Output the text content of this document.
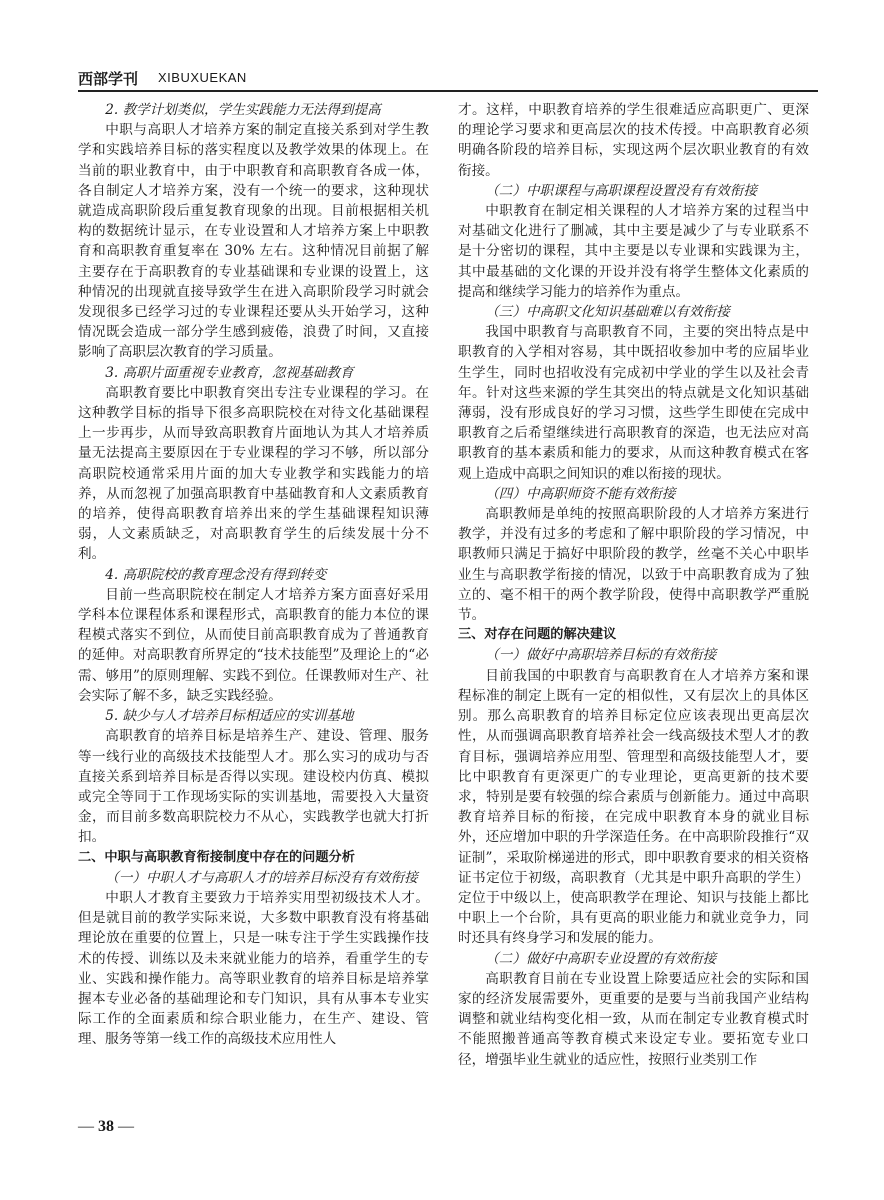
西部学刊 XIBUXUEKAN

2. 教学计划类似，学生实践能力无法得到提高

中职与高职人才培养方案的制定直接关系到对学生教学和实践培养目标的落实程度以及教学效果的体现上。在当前的职业教育中，由于中职教育和高职教育各成一体，各自制定人才培养方案，没有一个统一的要求，这种现状就造成高职阶段后重复教育现象的出现。目前根据相关机构的数据统计显示，在专业设置和人才培养方案上中职教育和高职教育重复率在 30% 左右。这种情况目前据了解主要存在于高职教育的专业基础课和专业课的设置上，这种情况的出现就直接导致学生在进入高职阶段学习时就会发现很多已经学习过的专业课程还要从头开始学习，这种情况既会造成一部分学生感到疲倦，浪费了时间，又直接影响了高职层次教育的学习质量。

3. 高职片面重视专业教育，忽视基础教育

高职教育要比中职教育突出专注专业课程的学习。在这种教学目标的指导下很多高职院校在对待文化基础课程上一步再步，从而导致高职教育片面地认为其人才培养质量无法提高主要原因在于专业课程的学习不够，所以部分高职院校通常采用片面的加大专业教学和实践能力的培养，从而忽视了加强高职教育中基础教育和人文素质教育的培养，使得高职教育培养出来的学生基础课程知识薄弱，人文素质缺乏，对高职教育学生的后续发展十分不利。

4. 高职院校的教育理念没有得到转变

目前一些高职院校在制定人才培养方案方面喜好采用学科本位课程体系和课程形式，高职教育的能力本位的课程模式落实不到位，从而使目前高职教育成为了普通教育的延伸。对高职教育所界定的“技术技能型”及理论上的“必需、够用”的原则理解、实践不到位。任课教师对生产、社会实际了解不多，缺乏实践经验。

5. 缺少与人才培养目标相适应的实训基地

高职教育的培养目标是培养生产、建设、管理、服务等一线行业的高级技术技能型人才。那么实习的成功与否直接关系到培养目标是否得以实现。建设校内仿真、模拟或完全等同于工作现场实际的实训基地，需要投入大量资金，而目前多数高职院校力不从心，实践教学也就大打折扣。

二、中职与高职教育衔接制度中存在的问题分析

（一）中职人才与高职人才的培养目标没有有效衔接

中职人才教育主要致力于培养实用型初级技术人才。但是就目前的教学实际来说，大多数中职教育没有将基础理论放在重要的位置上，只是一味专注于学生实践操作技术的传授、训练以及未来就业能力的培养，看重学生的专业、实践和操作能力。高等职业教育的培养目标是培养掌握本专业必备的基础理论和专门知识，具有从事本专业实际工作的全面素质和综合职业能力，在生产、建设、管理、服务等第一线工作的高级技术应用性人

才。这样，中职教育培养的学生很难适应高职更广、更深的理论学习要求和更高层次的技术传授。中高职教育必须明确各阶段的培养目标，实现这两个层次职业教育的有效衔接。

（二）中职课程与高职课程设置没有有效衔接

中职教育在制定相关课程的人才培养方案的过程当中对基础文化进行了删减，其中主要是减少了与专业联系不是十分密切的课程，其中主要是以专业课和实践课为主，其中最基础的文化课的开设并没有将学生整体文化素质的提高和继续学习能力的培养作为重点。

（三）中高职文化知识基础难以有效衔接

我国中职教育与高职教育不同，主要的突出特点是中职教育的入学相对容易，其中既招收参加中考的应届毕业生学生，同时也招收没有完成初中学业的学生以及社会青年。针对这些来源的学生其突出的特点就是文化知识基础薄弱，没有形成良好的学习习惯，这些学生即使在完成中职教育之后希望继续进行高职教育的深造，也无法应对高职教育的基本素质和能力的要求，从而这种教育模式在客观上造成中高职之间知识的难以衔接的现状。

（四）中高职师资不能有效衔接

高职教师是单纯的按照高职阶段的人才培养方案进行教学，并没有过多的考虑和了解中职阶段的学习情况，中职教师只满足于搞好中职阶段的教学，丝毫不关心中职毕业生与高职教学衔接的情况，以致于中高职教育成为了独立的、毫不相干的两个教学阶段，使得中高职教学严重脱节。

三、对存在问题的解决建议

（一）做好中高职培养目标的有效衔接

目前我国的中职教育与高职教育在人才培养方案和课程标准的制定上既有一定的相似性，又有层次上的具体区别。那么高职教育的培养目标定位应该表现出更高层次性，从而强调高职教育培养社会一线高级技术型人才的教育目标，强调培养应用型、管理型和高级技能型人才，要比中职教育有更深更广的专业理论，更高更新的技术要求，特别是要有较强的综合素质与创新能力。通过中高职教育培养目标的衔接，在完成中职教育本身的就业目标外，还应增加中职的升学深造任务。在中高职阶段推行“双证制”，采取阶梯递进的形式，即中职教育要求的相关资格证书定位于初级，高职教育（尤其是中职升高职的学生）定位于中级以上，使高职教学在理论、知识与技能上都比中职上一个台阶，具有更高的职业能力和就业竞争力，同时还具有终身学习和发展的能力。

（二）做好中高职专业设置的有效衔接

高职教育目前在专业设置上除要适应社会的实际和国家的经济发展需要外，更重要的是要与当前我国产业结构调整和就业结构变化相一致，从而在制定专业教育模式时不能照搬普通高等教育模式来设定专业。要拓宽专业口径，增强毕业生就业的适应性，按照行业类别工作

— 38 —
